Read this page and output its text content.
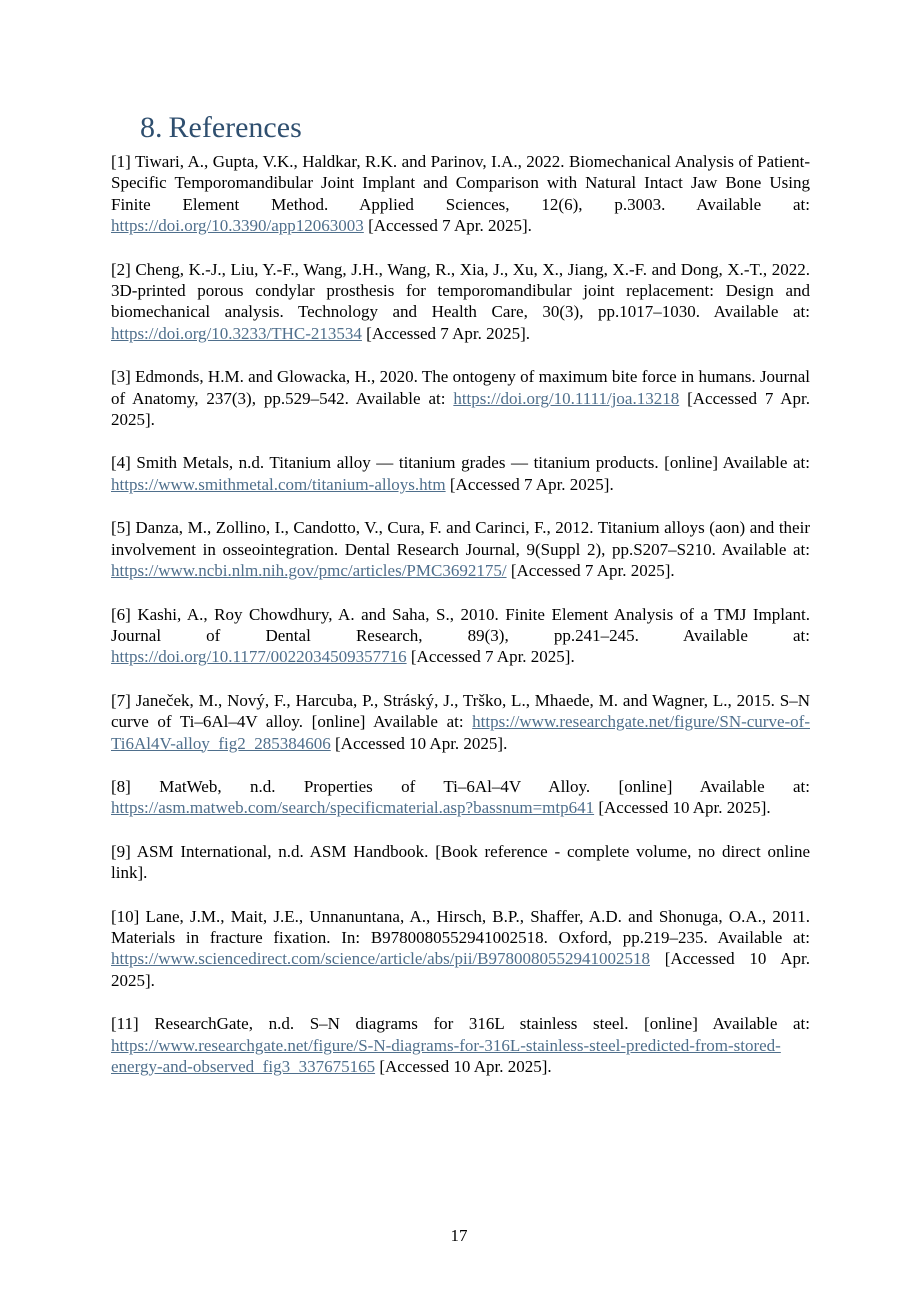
8. References

[1] Tiwari, A., Gupta, V.K., Haldkar, R.K. and Parinov, I.A., 2022. Biomechanical Analysis of Patient-Specific Temporomandibular Joint Implant and Comparison with Natural Intact Jaw Bone Using Finite Element Method. Applied Sciences, 12(6), p.3003. Available at: https://doi.org/10.3390/app12063003 [Accessed 7 Apr. 2025].

[2] Cheng, K.-J., Liu, Y.-F., Wang, J.H., Wang, R., Xia, J., Xu, X., Jiang, X.-F. and Dong, X.-T., 2022. 3D-printed porous condylar prosthesis for temporomandibular joint replacement: Design and biomechanical analysis. Technology and Health Care, 30(3), pp.1017–1030. Available at: https://doi.org/10.3233/THC-213534 [Accessed 7 Apr. 2025].

[3] Edmonds, H.M. and Glowacka, H., 2020. The ontogeny of maximum bite force in humans. Journal of Anatomy, 237(3), pp.529–542. Available at: https://doi.org/10.1111/joa.13218 [Accessed 7 Apr. 2025].

[4] Smith Metals, n.d. Titanium alloy — titanium grades — titanium products. [online] Available at: https://www.smithmetal.com/titanium-alloys.htm [Accessed 7 Apr. 2025].

[5] Danza, M., Zollino, I., Candotto, V., Cura, F. and Carinci, F., 2012. Titanium alloys (aon) and their involvement in osseointegration. Dental Research Journal, 9(Suppl 2), pp.S207–S210. Available at: https://www.ncbi.nlm.nih.gov/pmc/articles/PMC3692175/ [Accessed 7 Apr. 2025].

[6] Kashi, A., Roy Chowdhury, A. and Saha, S., 2010. Finite Element Analysis of a TMJ Implant. Journal of Dental Research, 89(3), pp.241–245. Available at: https://doi.org/10.1177/0022034509357716 [Accessed 7 Apr. 2025].

[7] Janeček, M., Nový, F., Harcuba, P., Stráský, J., Trško, L., Mhaede, M. and Wagner, L., 2015. S–N curve of Ti–6Al–4V alloy. [online] Available at: https://www.researchgate.net/figure/SN-curve-of-Ti6Al4V-alloy_fig2_285384606 [Accessed 10 Apr. 2025].

[8] MatWeb, n.d. Properties of Ti–6Al–4V Alloy. [online] Available at: https://asm.matweb.com/search/specificmaterial.asp?bassnum=mtp641 [Accessed 10 Apr. 2025].

[9] ASM International, n.d. ASM Handbook. [Book reference - complete volume, no direct online link].

[10] Lane, J.M., Mait, J.E., Unnanuntana, A., Hirsch, B.P., Shaffer, A.D. and Shonuga, O.A., 2011. Materials in fracture fixation. In: B9780080552941002518. Oxford, pp.219–235. Available at: https://www.sciencedirect.com/science/article/abs/pii/B9780080552941002518 [Accessed 10 Apr. 2025].

[11] ResearchGate, n.d. S–N diagrams for 316L stainless steel. [online] Available at: https://www.researchgate.net/figure/S-N-diagrams-for-316L-stainless-steel-predicted-from-stored-energy-and-observed_fig3_337675165 [Accessed 10 Apr. 2025].

17
